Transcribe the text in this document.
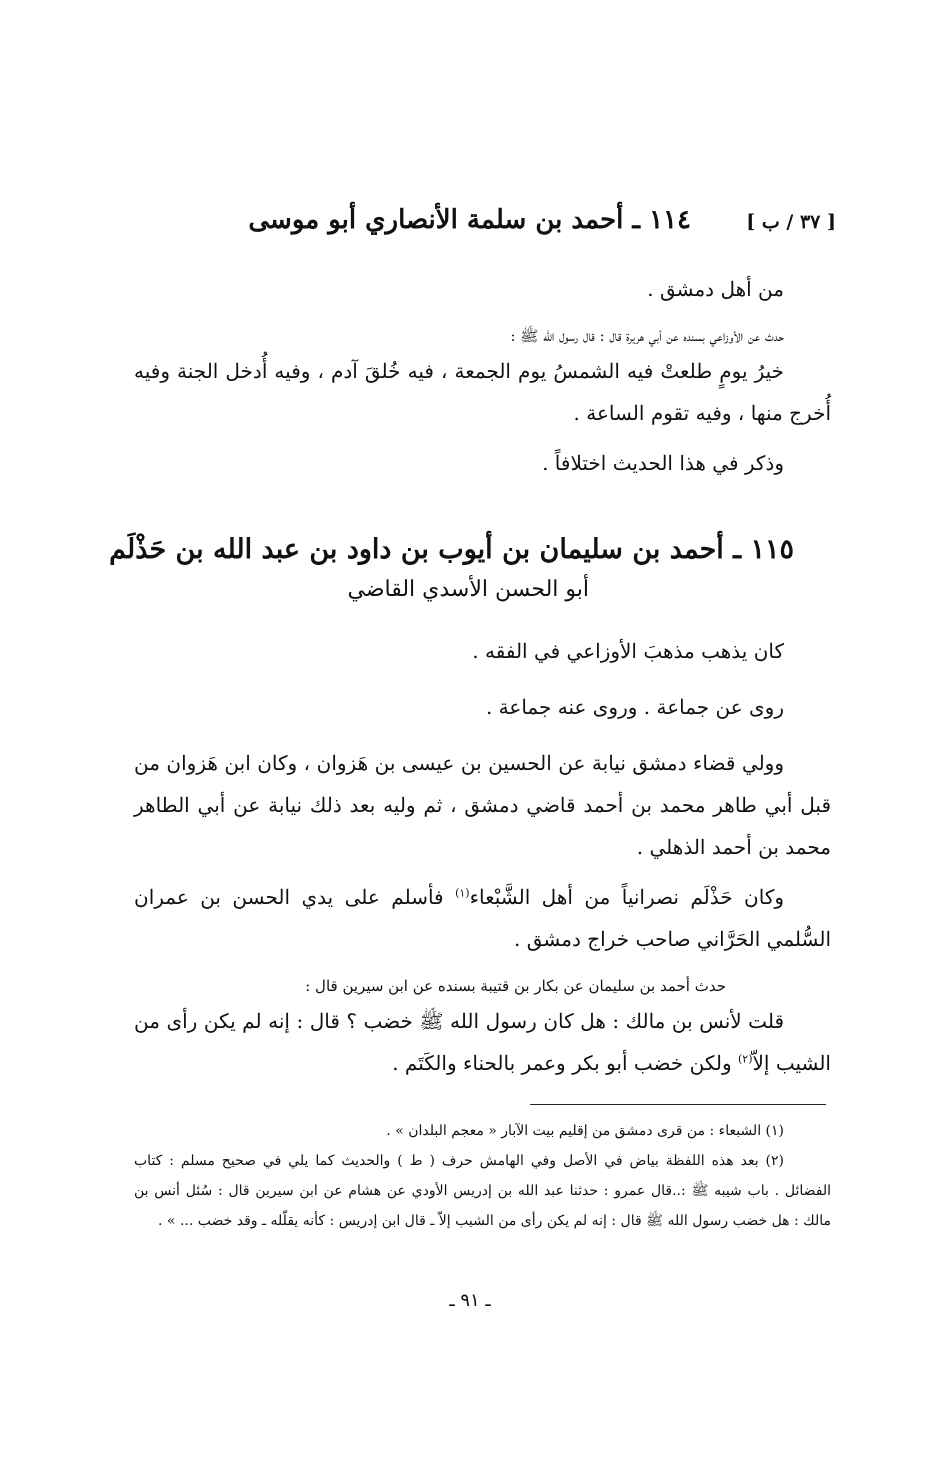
[ ٣٧ / ب ]
١١٤ ـ أحمد بن سلمة الأنصاري أبو موسى

من أهل دمشق .

حدث عن الأوزاعي بسنده عن أبي هريرة قال : قال رسول الله ﷺ :

خيرُ يومٍ طلعتْ فيه الشمسُ يوم الجمعة ، فيه خُلقَ آدم ، وفيه أُدخل الجنة وفيه أُخرج منها ، وفيه تقوم الساعة .

وذكر في هذا الحديث اختلافاً .

١١٥ ـ أحمد بن سليمان بن أيوب بن داود بن عبد الله بن حَذْلَم
أبو الحسن الأسدي القاضي

كان يذهب مذهبَ الأوزاعي في الفقه .

روى عن جماعة . وروى عنه جماعة .

وولي قضاء دمشق نيابة عن الحسين بن عيسى بن هَزوان ، وكان ابن هَزوان من قبل أبي طاهر محمد بن أحمد قاضي دمشق ، ثم وليه بعد ذلك نيابة عن أبي الطاهر محمد بن أحمد الذهلي .

وكان حَذْلَم نصرانياً من أهل الشَّبْعاء$^{(١)}$ فأسلم على يدي الحسن بن عمران السُّلمي الحَرَّاني صاحب خراج دمشق .

حدث أحمد بن سليمان عن بكار بن قتيبة بسنده عن ابن سيرين قال :

قلت لأنس بن مالك : هل كان رسول الله ﷺ خضب ؟ قال : إنه لم يكن رأى من الشيب إلاّ$^{(٢)}$ ولكن خضب أبو بكر وعمر بالحناء والكَتَم .

(١) الشبعاء : من قرى دمشق من إقليم بيت الآبار « معجم البلدان » .

(٢) بعد هذه اللفظة بياض في الأصل وفي الهامش حرف ( ط ) والحديث كما يلي في صحيح مسلم : كتاب الفضائل . باب شيبه ﷺ :..قال عمرو : حدثنا عبد الله بن إدريس الأودي عن هشام عن ابن سيرين قال : سُئل أنس بن مالك : هل خضب رسول الله ﷺ قال : إنه لم يكن رأى من الشيب إلاّ ـ قال ابن إدريس : كأنه يقلّله ـ وقد خضب ... » .

ـ ٩١ ـ
